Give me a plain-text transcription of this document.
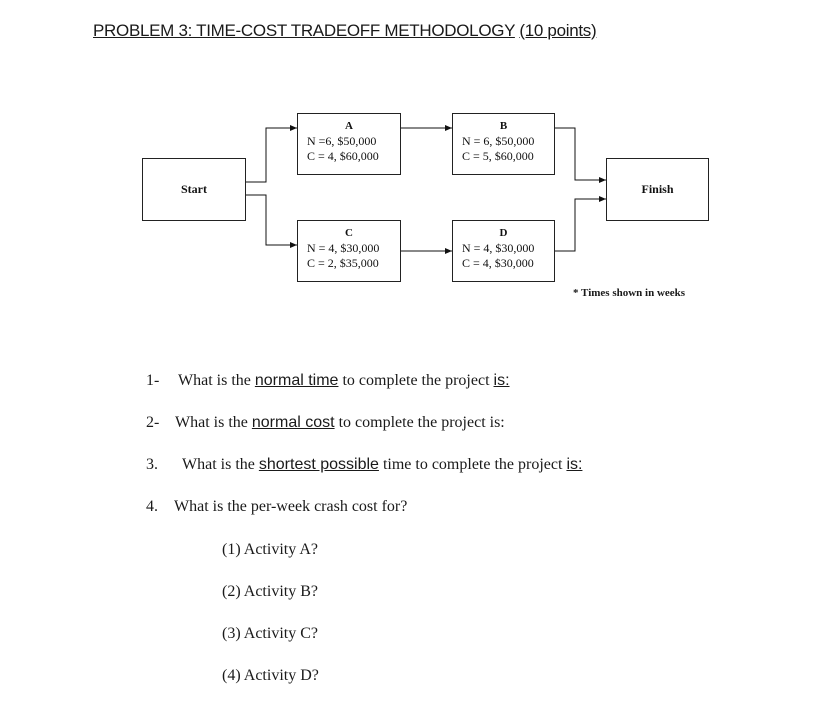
PROBLEM 3: TIME-COST TRADEOFF METHODOLOGY (10 points)
Start
A
N =6, $50,000
C = 4, $60,000
B
N = 6, $50,000
C = 5, $60,000
C
N = 4, $30,000
C = 2, $35,000
D
N = 4, $30,000
C = 4, $30,000
Finish
* Times shown in weeks
1- What is the normal time to complete the project is:
2- What is the normal cost to complete the project is:
3. What is the shortest possible time to complete the project is:
4. What is the per-week crash cost for?
(1) Activity A?
(2) Activity B?
(3) Activity C?
(4) Activity D?
